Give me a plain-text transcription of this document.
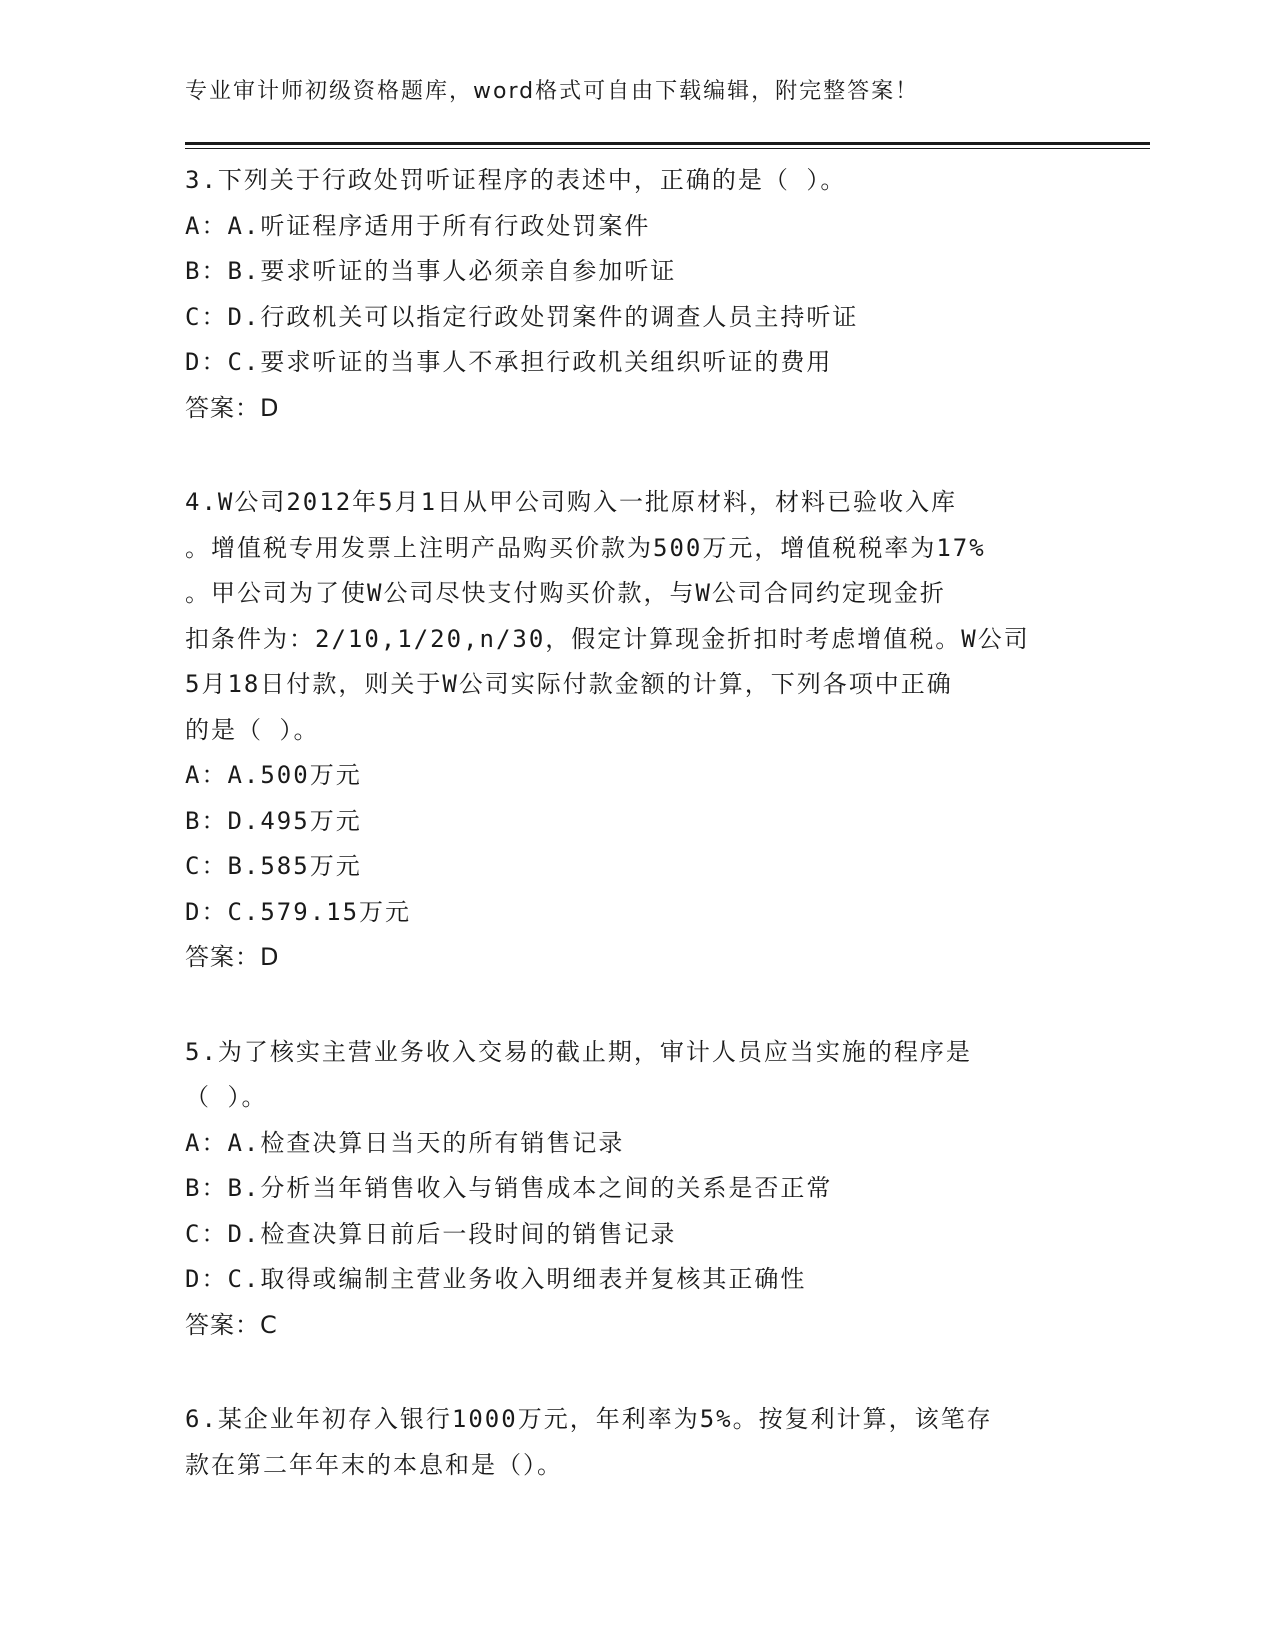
专业审计师初级资格题库，word格式可自由下载编辑，附完整答案！
3.下列关于行政处罚听证程序的表述中，正确的是（ ）。
A：A.听证程序适用于所有行政处罚案件
B：B.要求听证的当事人必须亲自参加听证
C：D.行政机关可以指定行政处罚案件的调查人员主持听证
D：C.要求听证的当事人不承担行政机关组织听证的费用
答案：D
4.W公司2012年5月1日从甲公司购入一批原材料，材料已验收入库
。增值税专用发票上注明产品购买价款为500万元，增值税税率为17%
。甲公司为了使W公司尽快支付购买价款，与W公司合同约定现金折
扣条件为：2/10,1/20,n/30，假定计算现金折扣时考虑增值税。W公司
5月18日付款，则关于W公司实际付款金额的计算，下列各项中正确
的是（ ）。
A：A.500万元
B：D.495万元
C：B.585万元
D：C.579.15万元
答案：D
5.为了核实主营业务收入交易的截止期，审计人员应当实施的程序是
（ ）。
A：A.检查决算日当天的所有销售记录
B：B.分析当年销售收入与销售成本之间的关系是否正常
C：D.检查决算日前后一段时间的销售记录
D：C.取得或编制主营业务收入明细表并复核其正确性
答案：C
6.某企业年初存入银行1000万元，年利率为5%。按复利计算，该笔存
款在第二年年末的本息和是（）。
